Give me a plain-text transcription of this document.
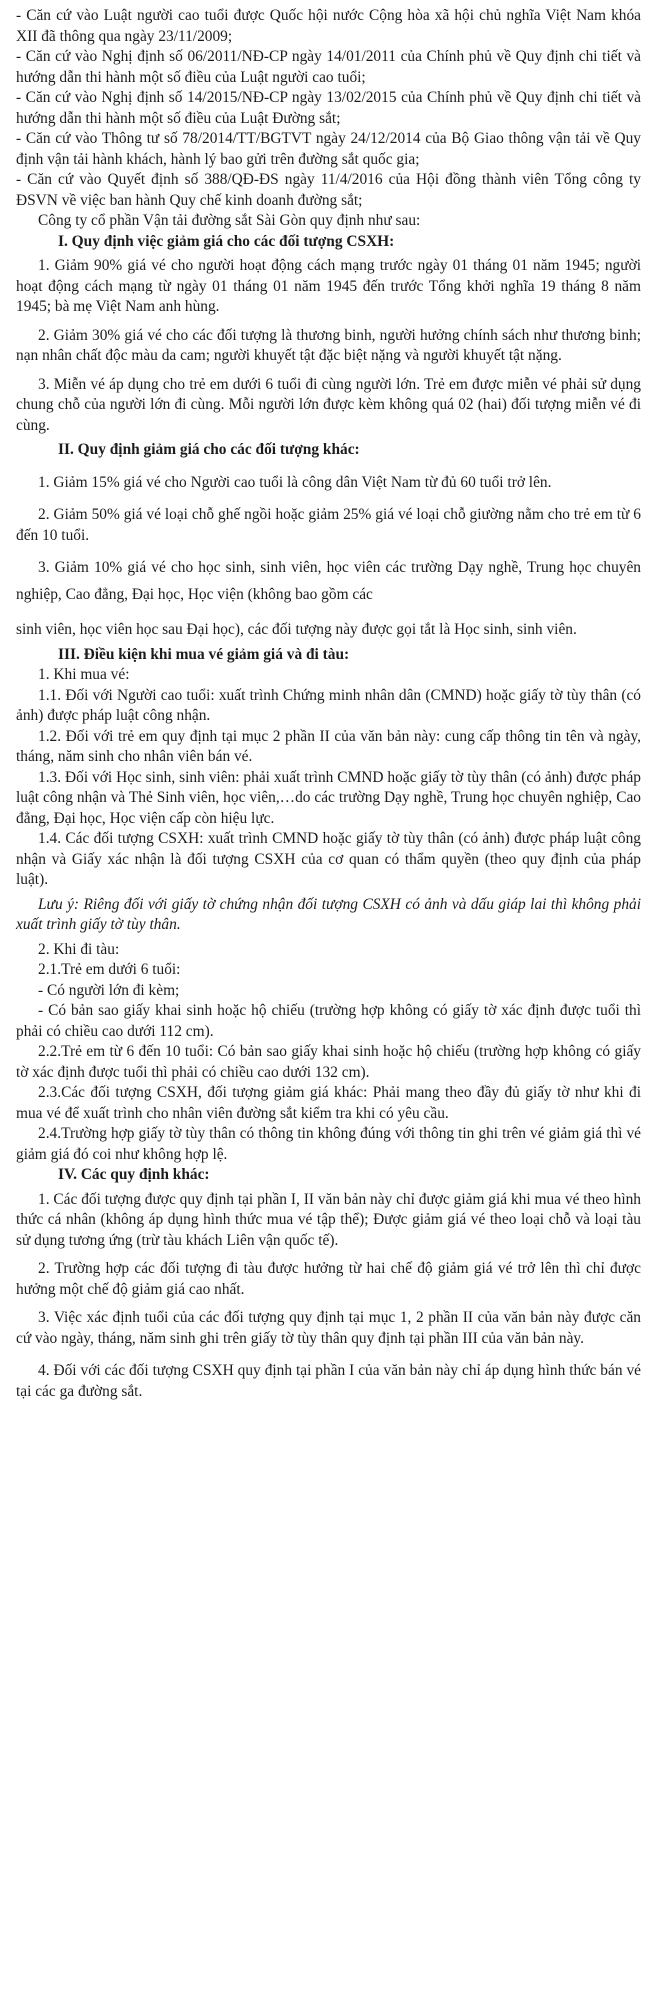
- Căn cứ vào Luật người cao tuổi được Quốc hội nước Cộng hòa xã hội chủ nghĩa Việt Nam khóa XII đã thông qua ngày 23/11/2009;

- Căn cứ vào Nghị định số 06/2011/NĐ-CP ngày 14/01/2011 của Chính phủ về Quy định chi tiết và hướng dẫn thi hành một số điều của Luật người cao tuổi;

- Căn cứ vào Nghị định số 14/2015/NĐ-CP ngày 13/02/2015 của Chính phủ về Quy định chi tiết và hướng dẫn thi hành một số điều của Luật Đường sắt;

- Căn cứ vào Thông tư số 78/2014/TT/BGTVT ngày 24/12/2014 của Bộ Giao thông vận tải về Quy định vận tải hành khách, hành lý bao gửi trên đường sắt quốc gia;

- Căn cứ vào Quyết định số 388/QĐ-ĐS ngày 11/4/2016 của Hội đồng thành viên Tổng công ty ĐSVN về việc ban hành Quy chế kinh doanh đường sắt;

Công ty cổ phần Vận tải đường sắt Sài Gòn quy định như sau:

I. Quy định việc giảm giá cho các đối tượng CSXH:

1. Giảm 90% giá vé cho người hoạt động cách mạng trước ngày 01 tháng 01 năm 1945; người hoạt động cách mạng từ ngày 01 tháng 01 năm 1945 đến trước Tổng khởi nghĩa 19 tháng 8 năm 1945; bà mẹ Việt Nam anh hùng.

2. Giảm 30% giá vé cho các đối tượng là thương binh, người hưởng chính sách như thương binh; nạn nhân chất độc màu da cam; người khuyết tật đặc biệt nặng và người khuyết tật nặng.

3. Miễn vé áp dụng cho trẻ em dưới 6 tuổi đi cùng người lớn. Trẻ em được miễn vé phải sử dụng chung chỗ của người lớn đi cùng. Mỗi người lớn được kèm không quá 02 (hai) đối tượng miễn vé đi cùng.

II. Quy định giảm giá cho các đối tượng khác:

1. Giảm 15% giá vé cho Người cao tuổi là công dân Việt Nam từ đủ 60 tuổi trở lên.

2. Giảm 50% giá vé loại chỗ ghế ngồi hoặc giảm 25% giá vé loại chỗ giường nằm cho trẻ em từ 6 đến 10 tuổi.

3. Giảm 10% giá vé cho học sinh, sinh viên, học viên các trường Dạy nghề, Trung học chuyên nghiệp, Cao đẳng, Đại học, Học viện (không bao gồm các

sinh viên, học viên học sau Đại học), các đối tượng này được gọi tắt là Học sinh, sinh viên.

III. Điều kiện khi mua vé giảm giá và đi tàu:

1. Khi mua vé:

1.1. Đối với Người cao tuổi: xuất trình Chứng minh nhân dân (CMND) hoặc giấy tờ tùy thân (có ảnh) được pháp luật công nhận.

1.2. Đối với trẻ em quy định tại mục 2 phần II của văn bản này: cung cấp thông tin tên và ngày, tháng, năm sinh cho nhân viên bán vé.

1.3. Đối với Học sinh, sinh viên: phải xuất trình CMND hoặc giấy tờ tùy thân (có ảnh) được pháp luật công nhận và Thẻ Sinh viên, học viên,…do các trường Dạy nghề, Trung học chuyên nghiệp, Cao đẳng, Đại học, Học viện cấp còn hiệu lực.

1.4. Các đối tượng CSXH: xuất trình CMND hoặc giấy tờ tùy thân (có ảnh) được pháp luật công nhận và Giấy xác nhận là đối tượng CSXH của cơ quan có thẩm quyền (theo quy định của pháp luật).

Lưu ý: Riêng đối với giấy tờ chứng nhận đối tượng CSXH có ảnh và dấu giáp lai thì không phải xuất trình giấy tờ tùy thân.

2. Khi đi tàu:

2.1.Trẻ em dưới 6 tuổi:

- Có người lớn đi kèm;

- Có bản sao giấy khai sinh hoặc hộ chiếu (trường hợp không có giấy tờ xác định được tuổi thì phải có chiều cao dưới 112 cm).

2.2.Trẻ em từ 6 đến 10 tuổi: Có bản sao giấy khai sinh hoặc hộ chiếu (trường hợp không có giấy tờ xác định được tuổi thì phải có chiều cao dưới 132 cm).

2.3.Các đối tượng CSXH, đối tượng giảm giá khác: Phải mang theo đầy đủ giấy tờ như khi đi mua vé để xuất trình cho nhân viên đường sắt kiểm tra khi có yêu cầu.

2.4.Trường hợp giấy tờ tùy thân có thông tin không đúng với thông tin ghi trên vé giảm giá thì vé giảm giá đó coi như không hợp lệ.

IV. Các quy định khác:

1. Các đối tượng được quy định tại phần I, II văn bản này chỉ được giảm giá khi mua vé theo hình thức cá nhân (không áp dụng hình thức mua vé tập thể); Được giảm giá vé theo loại chỗ và loại tàu sử dụng tương ứng (trừ tàu khách Liên vận quốc tế).

2. Trường hợp các đối tượng đi tàu được hưởng từ hai chế độ giảm giá vé trở lên thì chỉ được hưởng một chế độ giảm giá cao nhất.

3. Việc xác định tuổi của các đối tượng quy định tại mục 1, 2 phần II của văn bản này được căn cứ vào ngày, tháng, năm sinh ghi trên giấy tờ tùy thân quy định tại phần III của văn bản này.

4. Đối với các đối tượng CSXH quy định tại phần I của văn bản này chỉ áp dụng hình thức bán vé tại các ga đường sắt.
